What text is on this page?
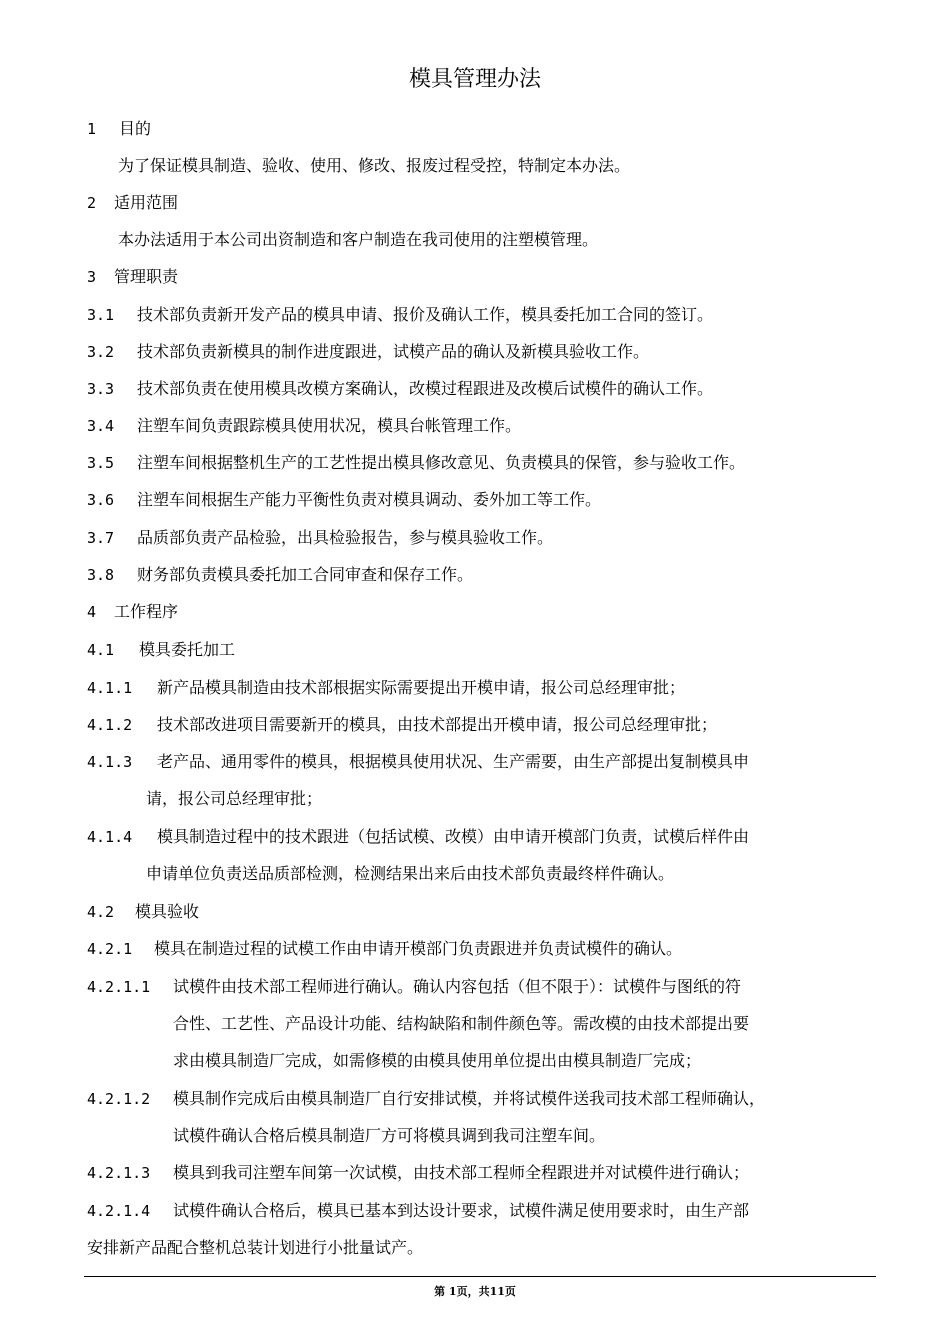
模具管理办法
1 目的
为了保证模具制造、验收、使用、修改、报废过程受控，特制定本办法。
2 适用范围
本办法适用于本公司出资制造和客户制造在我司使用的注塑模管理。
3 管理职责
3.1 技术部负责新开发产品的模具申请、报价及确认工作，模具委托加工合同的签订。
3.2 技术部负责新模具的制作进度跟进，试模产品的确认及新模具验收工作。
3.3 技术部负责在使用模具改模方案确认，改模过程跟进及改模后试模件的确认工作。
3.4 注塑车间负责跟踪模具使用状况，模具台帐管理工作。
3.5 注塑车间根据整机生产的工艺性提出模具修改意见、负责模具的保管，参与验收工作。
3.6 注塑车间根据生产能力平衡性负责对模具调动、委外加工等工作。
3.7 品质部负责产品检验，出具检验报告，参与模具验收工作。
3.8 财务部负责模具委托加工合同审查和保存工作。
4 工作程序
4.1 模具委托加工
4.1.1 新产品模具制造由技术部根据实际需要提出开模申请，报公司总经理审批；
4.1.2 技术部改进项目需要新开的模具，由技术部提出开模申请，报公司总经理审批；
4.1.3 老产品、通用零件的模具，根据模具使用状况、生产需要，由生产部提出复制模具申
请，报公司总经理审批；
4.1.4 模具制造过程中的技术跟进（包括试模、改模）由申请开模部门负责，试模后样件由
申请单位负责送品质部检测，检测结果出来后由技术部负责最终样件确认。
4.2 模具验收
4.2.1 模具在制造过程的试模工作由申请开模部门负责跟进并负责试模件的确认。
4.2.1.1 试模件由技术部工程师进行确认。确认内容包括（但不限于）：试模件与图纸的符
合性、工艺性、产品设计功能、结构缺陷和制件颜色等。需改模的由技术部提出要
求由模具制造厂完成，如需修模的由模具使用单位提出由模具制造厂完成；
4.2.1.2 模具制作完成后由模具制造厂自行安排试模，并将试模件送我司技术部工程师确认，
试模件确认合格后模具制造厂方可将模具调到我司注塑车间。
4.2.1.3 模具到我司注塑车间第一次试模，由技术部工程师全程跟进并对试模件进行确认；
4.2.1.4 试模件确认合格后，模具已基本到达设计要求，试模件满足使用要求时，由生产部
安排新产品配合整机总装计划进行小批量试产。
第 1页，共11页
